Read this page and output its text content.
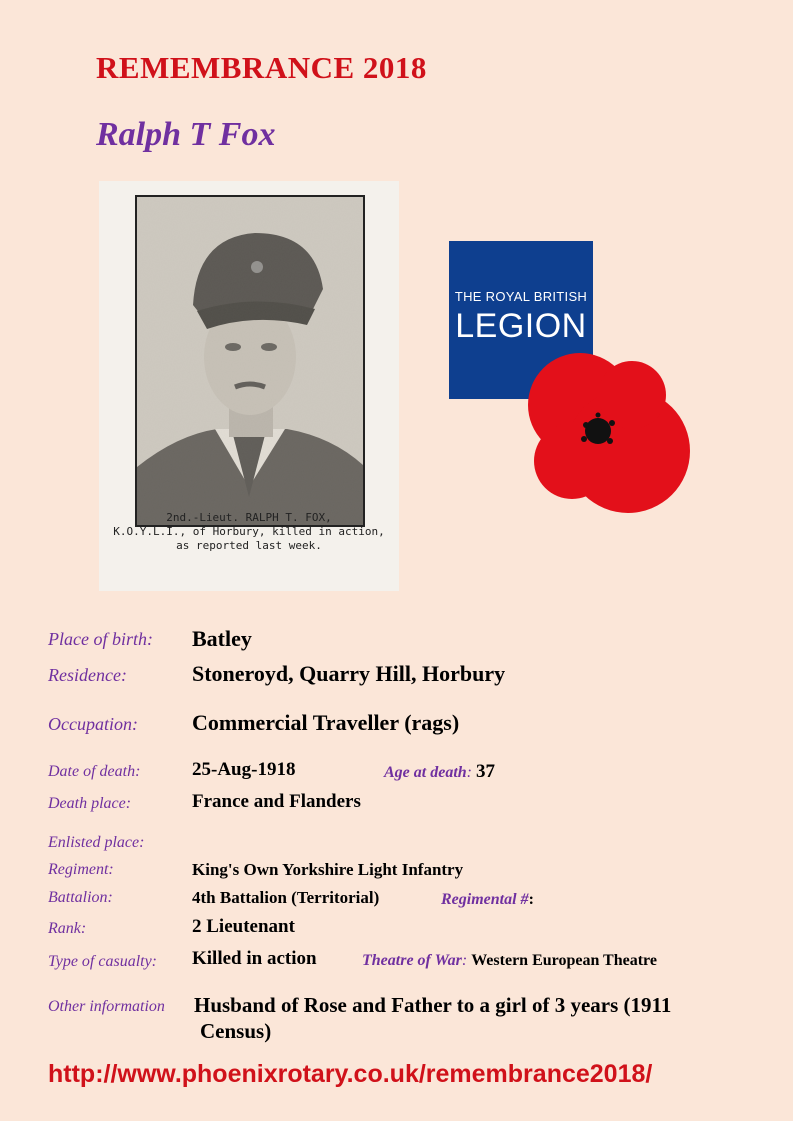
REMEMBRANCE 2018
Ralph T Fox
2nd.-Lieut. RALPH T. FOX,
K.O.Y.L.I., of Horbury, killed in action,
as reported last week.
THE ROYAL BRITISH
LEGION
Place of birth: Batley
Residence:	Stoneroyd, Quarry Hill, Horbury
Occupation: Commercial Traveller (rags)
Date of death:	25-Aug-1918	Age at death: 37
Death place:	France and Flanders
Enlisted place:
Regiment:	King's Own Yorkshire Light Infantry
Battalion:	4th Battalion (Territorial)	Regimental #:
Rank:	2 Lieutenant
Type of casualty: Killed in action	Theatre of War: Western European Theatre
Other information Husband of Rose and Father to a girl of 3 years (1911
Census)
http://www.phoenixrotary.co.uk/remembrance2018/
